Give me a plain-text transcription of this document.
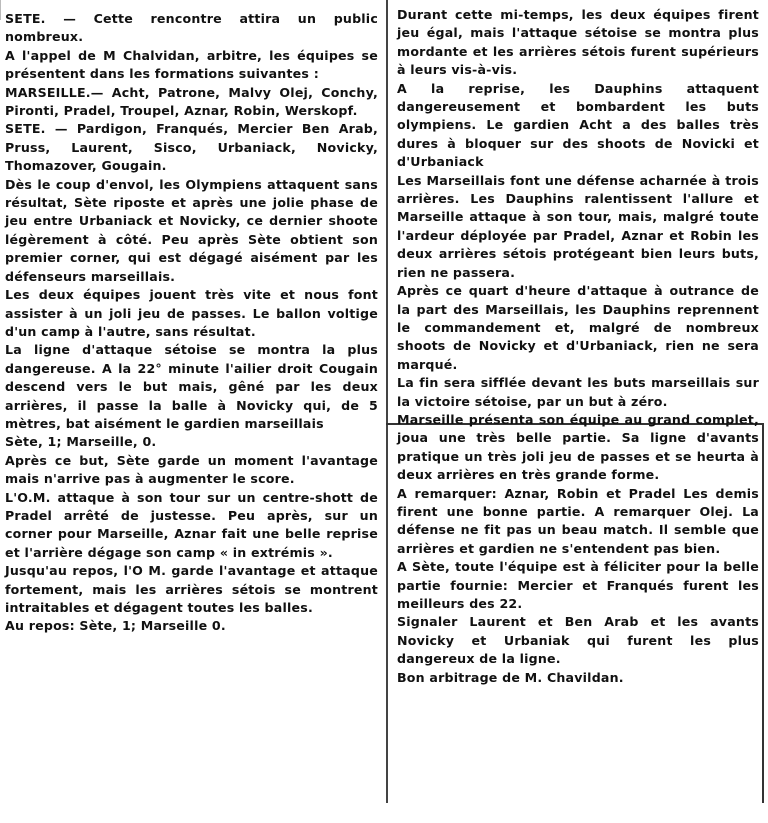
SETE. — Cette rencontre attira un public nombreux.

A l'appel de M Chalvidan, arbitre, les équipes se présentent dans les formations suivantes :

MARSEILLE.— Acht, Patrone, Malvy Olej, Conchy, Pironti, Pradel, Troupel, Aznar, Robin, Werskopf.

SETE. — Pardigon, Franqués, Mercier Ben Arab, Pruss, Laurent, Sisco, Urbaniack, Novicky, Thomazover, Gougain.

Dès le coup d'envol, les Olympiens attaquent sans résultat, Sète riposte et après une jolie phase de jeu entre Urbaniack et Novicky, ce dernier shoote légèrement à côté. Peu après Sète obtient son premier corner, qui est dégagé aisément par les défenseurs marseillais.

Les deux équipes jouent très vite et nous font assister à un joli jeu de passes. Le ballon voltige d'un camp à l'autre, sans résultat.

La ligne d'attaque sétoise se montra la plus dangereuse. A la 22° minute l'ailier droit Cougain descend vers le but mais, gêné par les deux arrières, il passe la balle à Novicky qui, de 5 mètres, bat aisément le gardien marseillais

Sète, 1; Marseille, 0.

Après ce but, Sète garde un moment l'avantage mais n'arrive pas à augmenter le score.

L'O.M. attaque à son tour sur un centre-shott de Pradel arrêté de justesse. Peu après, sur un corner pour Marseille, Aznar fait une belle reprise et l'arrière dégage son camp « in extrémis ».

Jusqu'au repos, l'O M. garde l'avantage et attaque fortement, mais les arrières sétois se montrent intraitables et dégagent toutes les balles.

Au repos: Sète, 1; Marseille 0.

Durant cette mi-temps, les deux équipes firent jeu égal, mais l'attaque sétoise se montra plus mordante et les arrières sétois furent supérieurs à leurs vis-à-vis.

A la reprise, les Dauphins attaquent dangereusement et bombardent les buts olympiens. Le gardien Acht a des balles très dures à bloquer sur des shoots de Novicki et d'Urbaniack

Les Marseillais font une défense acharnée à trois arrières. Les Dauphins ralentissent l'allure et Marseille attaque à son tour, mais, malgré toute l'ardeur déployée par Pradel, Aznar et Robin les deux arrières sétois protégeant bien leurs buts, rien ne passera.

Après ce quart d'heure d'attaque à outrance de la part des Marseillais, les Dauphins reprennent le commandement et, malgré de nombreux shoots de Novicky et d'Urbaniack, rien ne sera marqué.

La fin sera sifflée devant les buts marseillais sur la victoire sétoise, par un but à zéro.

Marseille présenta son équipe au grand complet, joua une très belle partie. Sa ligne d'avants pratique un très joli jeu de passes et se heurta à deux arrières en très grande forme.

A remarquer: Aznar, Robin et Pradel Les demis firent une bonne partie. A remarquer Olej. La défense ne fit pas un beau match. Il semble que arrières et gardien ne s'entendent pas bien.

A Sète, toute l'équipe est à féliciter pour la belle partie fournie: Mercier et Franqués furent les meilleurs des 22.

Signaler Laurent et Ben Arab et les avants Novicky et Urbaniak qui furent les plus dangereux de la ligne.

Bon arbitrage de M. Chavildan.
